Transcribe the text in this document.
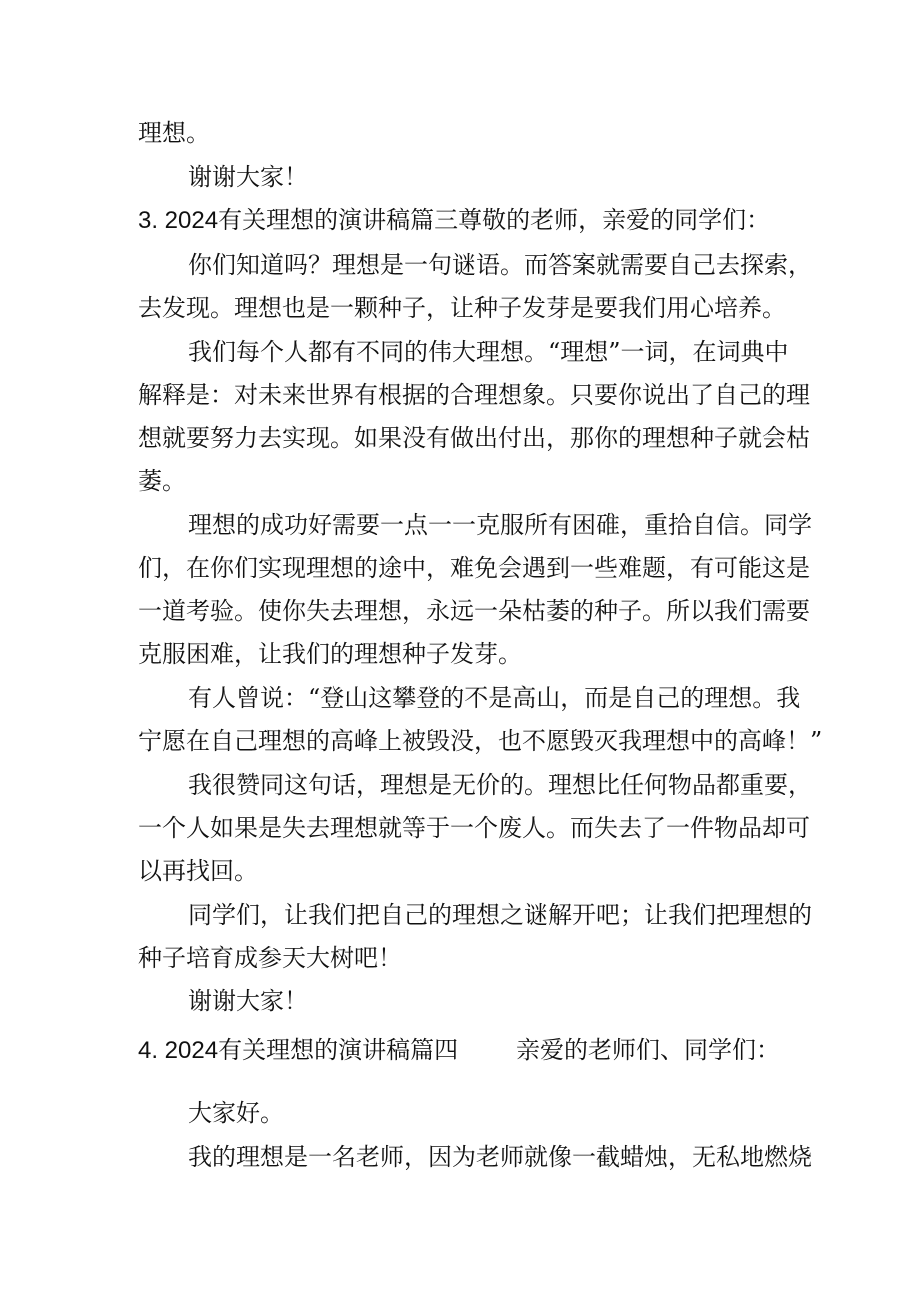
理想。
谢谢大家！
3. 2024有关理想的演讲稿篇三尊敬的老师，亲爱的同学们：
你们知道吗？理想是一句谜语。而答案就需要自己去探索，
去发现。理想也是一颗种子，让种子发芽是要我们用心培养。
我们每个人都有不同的伟大理想。“理想”一词，在词典中
解释是：对未来世界有根据的合理想象。只要你说出了自己的理
想就要努力去实现。如果没有做出付出，那你的理想种子就会枯
萎。
理想的成功好需要一点一一克服所有困碓，重拾自信。同学
们，在你们实现理想的途中，难免会遇到一些难题，有可能这是
一道考验。使你失去理想，永远一朵枯萎的种子。所以我们需要
克服困难，让我们的理想种子发芽。
有人曾说：“登山这攀登的不是高山，而是自己的理想。我
宁愿在自己理想的高峰上被毁没，也不愿毁灭我理想中的高峰！”
我很赞同这句话，理想是无价的。理想比任何物品都重要，
一个人如果是失去理想就等于一个废人。而失去了一件物品却可
以再找回。
同学们，让我们把自己的理想之谜解开吧；让我们把理想的
种子培育成参天大树吧！
谢谢大家！
4. 2024有关理想的演讲稿篇四	亲爱的老师们、同学们：
大家好。
我的理想是一名老师，因为老师就像一截蜡烛，无私地燃烧
